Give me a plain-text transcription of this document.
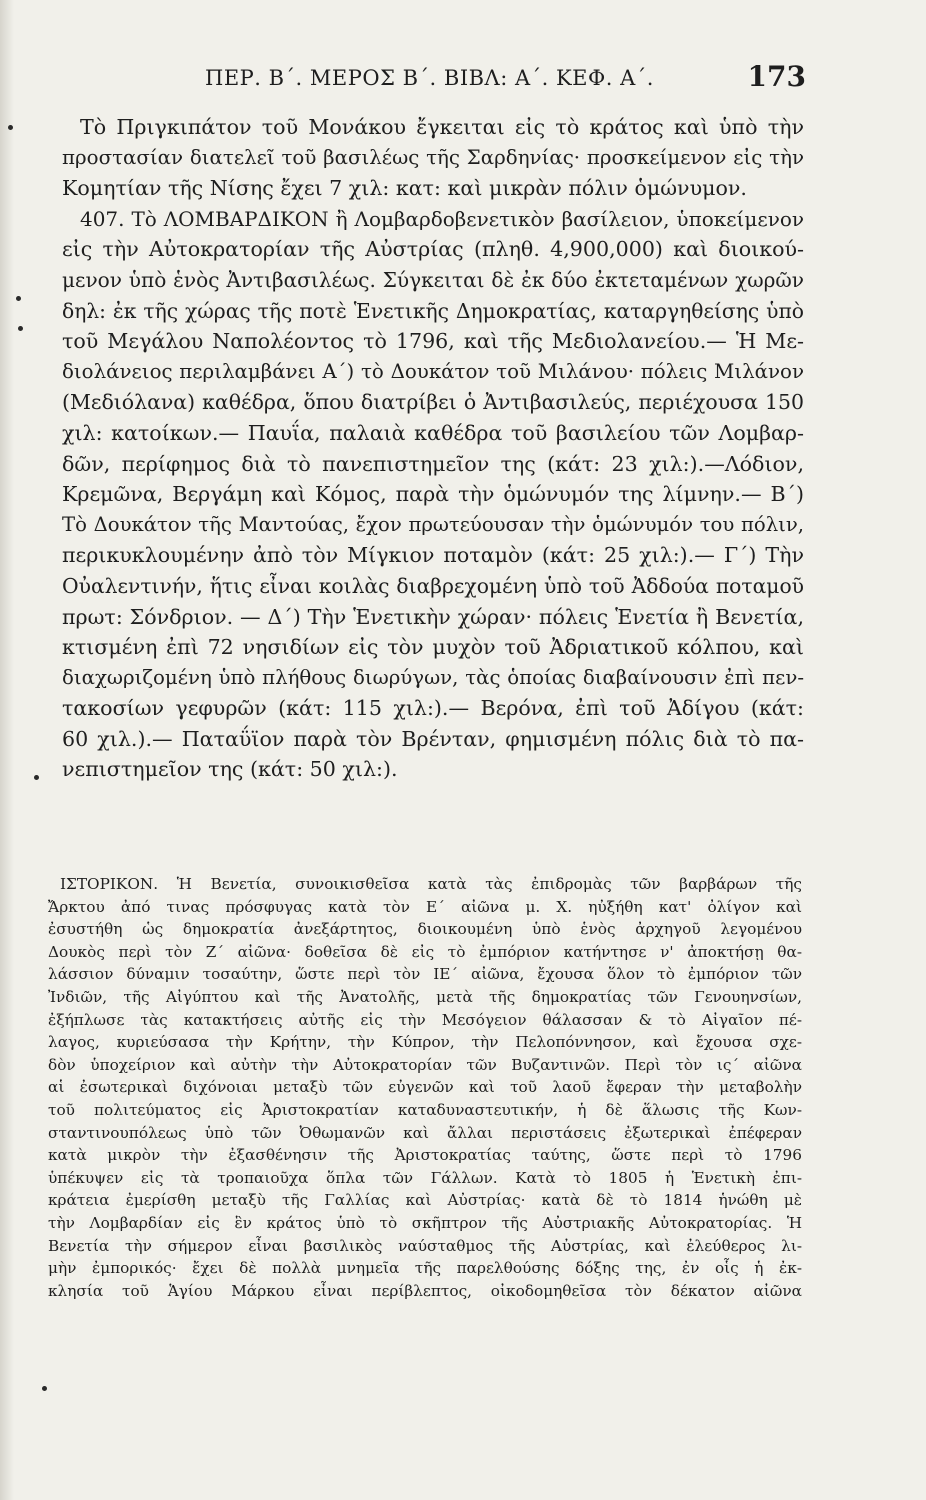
ΠΕΡ. Β΄. ΜΕΡΟΣ Β΄. ΒΙΒΛ: Α΄. ΚΕΦ. Α΄.	173
Τὸ Πριγκιπάτον τοῦ Μονάκου ἔγκειται εἰς τὸ κράτος καὶ ὑπὸ τὴν
προστασίαν διατελεῖ τοῦ βασιλέως τῆς Σαρδηνίας· προσκείμενον εἰς τὴν
Κομητίαν τῆς Νίσης ἔχει 7 χιλ: κατ: καὶ μικρὰν πόλιν ὁμώνυμον.
407. Τὸ ΛΟΜΒΑΡΔΙΚΟΝ ἢ Λομβαρδοβενετικὸν βασίλειον, ὑποκείμενον
εἰς τὴν Αὐτοκρατορίαν τῆς Αὐστρίας (πληθ. 4,900,000) καὶ διοικού-
μενον ὑπὸ ἑνὸς Ἀντιβασιλέως. Σύγκειται δὲ ἐκ δύο ἐκτεταμένων χωρῶν
δηλ: ἐκ τῆς χώρας τῆς ποτὲ Ἑνετικῆς Δημοκρατίας, καταργηθείσης ὑπὸ
τοῦ Μεγάλου Ναπολέοντος τὸ 1796, καὶ τῆς Μεδιολανείου.— Ἡ Με-
διολάνειος περιλαμβάνει Α΄) τὸ Δουκάτον τοῦ Μιλάνου· πόλεις Μιλάνον
(Μεδιόλανα) καθέδρα, ὅπου διατρίβει ὁ Ἀντιβασιλεύς, περιέχουσα 150
χιλ: κατοίκων.— Παυΐα, παλαιὰ καθέδρα τοῦ βασιλείου τῶν Λομβαρ-
δῶν, περίφημος διὰ τὸ πανεπιστημεῖον της (κάτ: 23 χιλ:).—Λόδιον,
Κρεμῶνα, Βεργάμη καὶ Κόμος, παρὰ τὴν ὁμώνυμόν της λίμνην.— Β΄)
Τὸ Δουκάτον τῆς Μαντούας, ἔχον πρωτεύουσαν τὴν ὁμώνυμόν του πόλιν,
περικυκλουμένην ἀπὸ τὸν Μίγκιον ποταμὸν (κάτ: 25 χιλ:).— Γ΄) Τὴν
Οὐαλεντινήν, ἥτις εἶναι κοιλὰς διαβρεχομένη ὑπὸ τοῦ Ἀδδούα ποταμοῦ
πρωτ: Σόνδριον. — Δ΄) Τὴν Ἑνετικὴν χώραν· πόλεις Ἑνετία ἢ Βενετία,
κτισμένη ἐπὶ 72 νησιδίων εἰς τὸν μυχὸν τοῦ Ἀδριατικοῦ κόλπου, καὶ
διαχωριζομένη ὑπὸ πλήθους διωρύγων, τὰς ὁποίας διαβαίνουσιν ἐπὶ πεν-
τακοσίων γεφυρῶν (κάτ: 115 χιλ:).— Βερόνα, ἐπὶ τοῦ Ἀδίγου (κάτ:
60 χιλ.).— Παταΰϊον παρὰ τὸν Βρένταν, φημισμένη πόλις διὰ τὸ πα-
νεπιστημεῖον της (κάτ: 50 χιλ:).
ΙΣΤΟΡΙΚΟΝ. Ἡ Βενετία, συνοικισθεῖσα κατὰ τὰς ἐπιδρομὰς τῶν βαρβάρων τῆς
Ἄρκτου ἀπό τινας πρόσφυγας κατὰ τὸν Ε΄ αἰῶνα μ. Χ. ηὐξήθη κατ' ὀλίγον καὶ
ἐσυστήθη ὡς δημοκρατία ἀνεξάρτητος, διοικουμένη ὑπὸ ἑνὸς ἀρχηγοῦ λεγομένου
Δουκὸς περὶ τὸν Ζ΄ αἰῶνα· δοθεῖσα δὲ εἰς τὸ ἐμπόριον κατήντησε ν' ἀποκτήσῃ θα-
λάσσιον δύναμιν τοσαύτην, ὥστε περὶ τὸν ΙΕ΄ αἰῶνα, ἔχουσα ὅλον τὸ ἐμπόριον τῶν
Ἰνδιῶν, τῆς Αἰγύπτου καὶ τῆς Ἀνατολῆς, μετὰ τῆς δημοκρατίας τῶν Γενουηνσίων,
ἐξήπλωσε τὰς κατακτήσεις αὐτῆς εἰς τὴν Μεσόγειον θάλασσαν & τὸ Αἰγαῖον πέ-
λαγος, κυριεύσασα τὴν Κρήτην, τὴν Κύπρον, τὴν Πελοπόννησον, καὶ ἔχουσα σχε-
δὸν ὑποχείριον καὶ αὐτὴν τὴν Αὐτοκρατορίαν τῶν Βυζαντινῶν. Περὶ τὸν ις΄ αἰῶνα
αἱ ἐσωτερικαὶ διχόνοιαι μεταξὺ τῶν εὐγενῶν καὶ τοῦ λαοῦ ἔφεραν τὴν μεταβολὴν
τοῦ πολιτεύματος εἰς Ἀριστοκρατίαν καταδυναστευτικήν, ἡ δὲ ἅλωσις τῆς Κων-
σταντινουπόλεως ὑπὸ τῶν Ὀθωμανῶν καὶ ἄλλαι περιστάσεις ἐξωτερικαὶ ἐπέφεραν
κατὰ μικρὸν τὴν ἐξασθένησιν τῆς Ἀριστοκρατίας ταύτης, ὥστε περὶ τὸ 1796
ὑπέκυψεν εἰς τὰ τροπαιοῦχα ὅπλα τῶν Γάλλων. Κατὰ τὸ 1805 ἡ Ἑνετικὴ ἐπι-
κράτεια ἐμερίσθη μεταξὺ τῆς Γαλλίας καὶ Αὐστρίας· κατὰ δὲ τὸ 1814 ἡνώθη μὲ
τὴν Λομβαρδίαν εἰς ἓν κράτος ὑπὸ τὸ σκῆπτρον τῆς Αὐστριακῆς Αὐτοκρατορίας. Ἡ
Βενετία τὴν σήμερον εἶναι βασιλικὸς ναύσταθμος τῆς Αὐστρίας, καὶ ἐλεύθερος λι-
μὴν ἐμπορικός· ἔχει δὲ πολλὰ μνημεῖα τῆς παρελθούσης δόξης της, ἐν οἷς ἡ ἐκ-
κλησία τοῦ Ἁγίου Μάρκου εἶναι περίβλεπτος, οἰκοδομηθεῖσα τὸν δέκατον αἰῶνα
